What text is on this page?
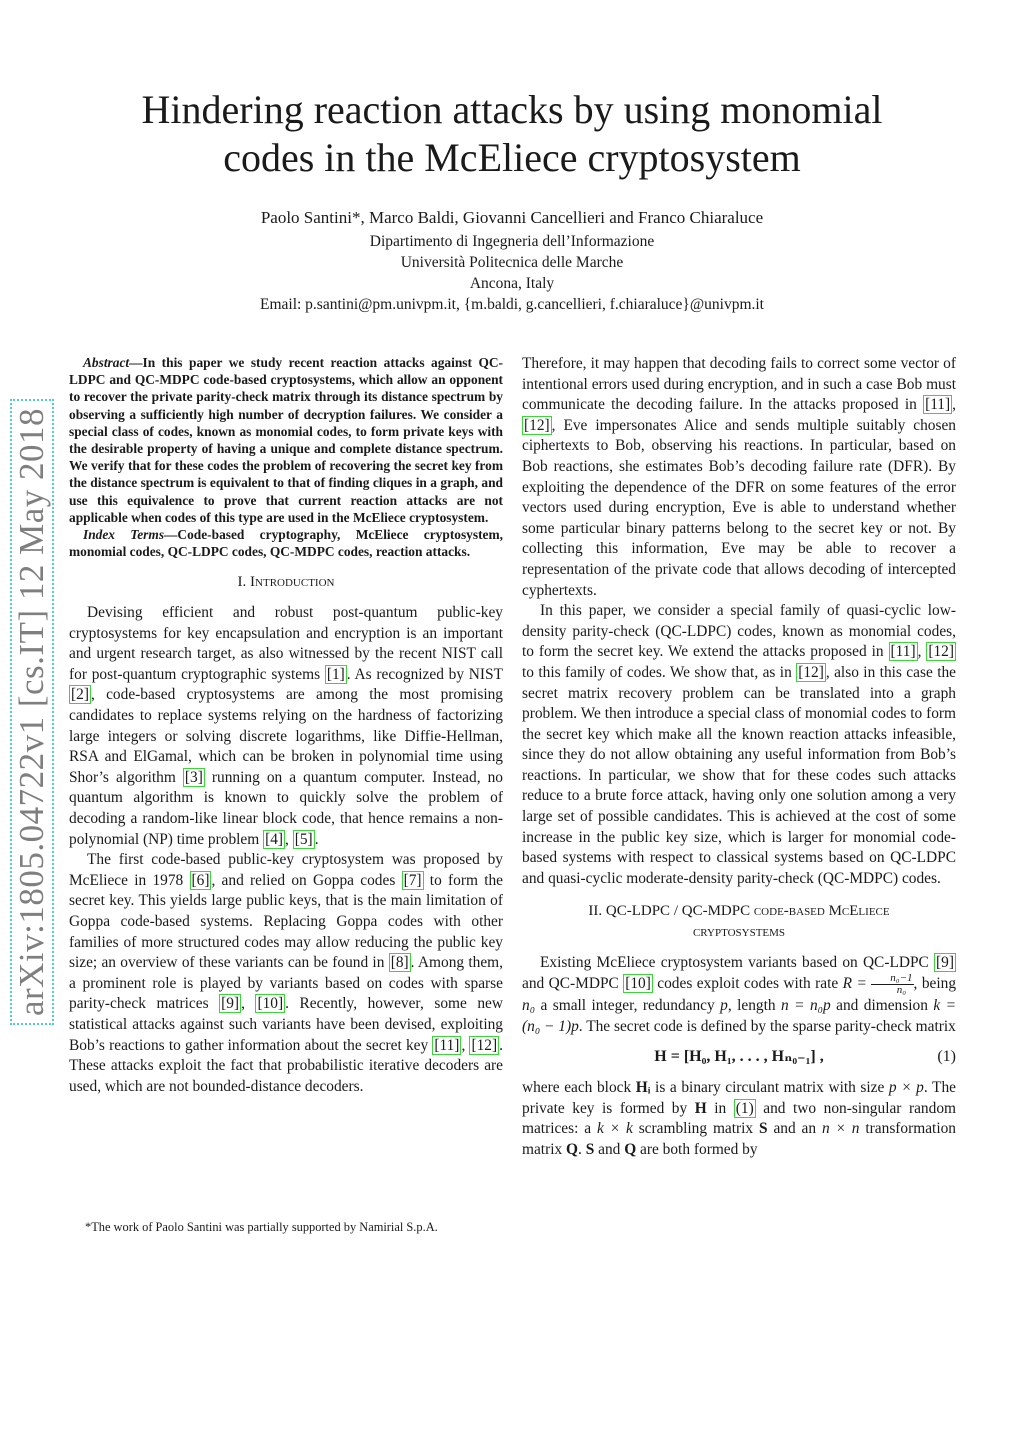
Hindering reaction attacks by using monomial
codes in the McEliece cryptosystem
Paolo Santini*, Marco Baldi, Giovanni Cancellieri and Franco Chiaraluce
Dipartimento di Ingegneria dell’Informazione
Università Politecnica delle Marche
Ancona, Italy
Email: p.santini@pm.univpm.it, {m.baldi, g.cancellieri, f.chiaraluce}@univpm.it
arXiv:1805.04722v1 [cs.IT] 12 May 2018

Abstract—In this paper we study recent reaction attacks against QC-LDPC and QC-MDPC code-based cryptosystems, which allow an opponent to recover the private parity-check matrix through its distance spectrum by observing a sufficiently high number of decryption failures. We consider a special class of codes, known as monomial codes, to form private keys with the desirable property of having a unique and complete distance spectrum. We verify that for these codes the problem of recovering the secret key from the distance spectrum is equivalent to that of finding cliques in a graph, and use this equivalence to prove that current reaction attacks are not applicable when codes of this type are used in the McEliece cryptosystem.

Index Terms—Code-based cryptography, McEliece cryptosystem, monomial codes, QC-LDPC codes, QC-MDPC codes, reaction attacks.

I. Introduction

Devising efficient and robust post-quantum public-key cryptosystems for key encapsulation and encryption is an important and urgent research target, as also witnessed by the recent NIST call for post-quantum cryptographic systems [1] . As recognized by NIST [2] , code-based cryptosystems are among the most promising candidates to replace systems relying on the hardness of factorizing large integers or solving discrete logarithms, like Diffie-Hellman, RSA and ElGamal, which can be broken in polynomial time using Shor’s algorithm [3] running on a quantum computer. Instead, no quantum algorithm is known to quickly solve the problem of decoding a random-like linear block code, that hence remains a non-polynomial (NP) time problem [4] , [5] .

The first code-based public-key cryptosystem was proposed by McEliece in 1978 [6] , and relied on Goppa codes [7] to form the secret key. This yields large public keys, that is the main limitation of Goppa code-based systems. Replacing Goppa codes with other families of more structured codes may allow reducing the public key size; an overview of these variants can be found in [8] . Among them, a prominent role is played by variants based on codes with sparse parity-check matrices [9] , [10] . Recently, however, some new statistical attacks against such variants have been devised, exploiting Bob’s reactions to gather information about the secret key [11] , [12] . These attacks exploit the fact that probabilistic iterative decoders are used, which are not bounded-distance decoders.

*The work of Paolo Santini was partially supported by Namirial S.p.A.

Therefore, it may happen that decoding fails to correct some vector of intentional errors used during encryption, and in such a case Bob must communicate the decoding failure. In the attacks proposed in [11] , [12] , Eve impersonates Alice and sends multiple suitably chosen ciphertexts to Bob, observing his reactions. In particular, based on Bob reactions, she estimates Bob’s decoding failure rate (DFR). By exploiting the dependence of the DFR on some features of the error vectors used during encryption, Eve is able to understand whether some particular binary patterns belong to the secret key or not. By collecting this information, Eve may be able to recover a representation of the private code that allows decoding of intercepted cyphertexts.

In this paper, we consider a special family of quasi-cyclic low-density parity-check (QC-LDPC) codes, known as monomial codes, to form the secret key. We extend the attacks proposed in [11] , [12] to this family of codes. We show that, as in [12] , also in this case the secret matrix recovery problem can be translated into a graph problem. We then introduce a special class of monomial codes to form the secret key which make all the known reaction attacks infeasible, since they do not allow obtaining any useful information from Bob’s reactions. In particular, we show that for these codes such attacks reduce to a brute force attack, having only one solution among a very large set of possible candidates. This is achieved at the cost of some increase in the public key size, which is larger for monomial code-based systems with respect to classical systems based on QC-LDPC and quasi-cyclic moderate-density parity-check (QC-MDPC) codes.

II. QC-LDPC / QC-MDPC code-based McEliece
cryptosystems

Existing McEliece cryptosystem variants based on QC-LDPC [9] and QC-MDPC [10] codes exploit codes with rate $R = \frac{\text{n₀−1}}{\text{n₀}}$ , being n₀ a small integer, redundancy p, length n = n₀p and dimension k = (n₀ − 1)p. The secret code is defined by the sparse parity-check matrix

H = [H₀, H₁, . . . , Hₙ₀₋₁] ,	(1)

where each block Hᵢ is a binary circulant matrix with size p × p. The private key is formed by H in (1) and two non-singular random matrices: a k × k scrambling matrix S and an n × n transformation matrix Q. S and Q are both formed by
